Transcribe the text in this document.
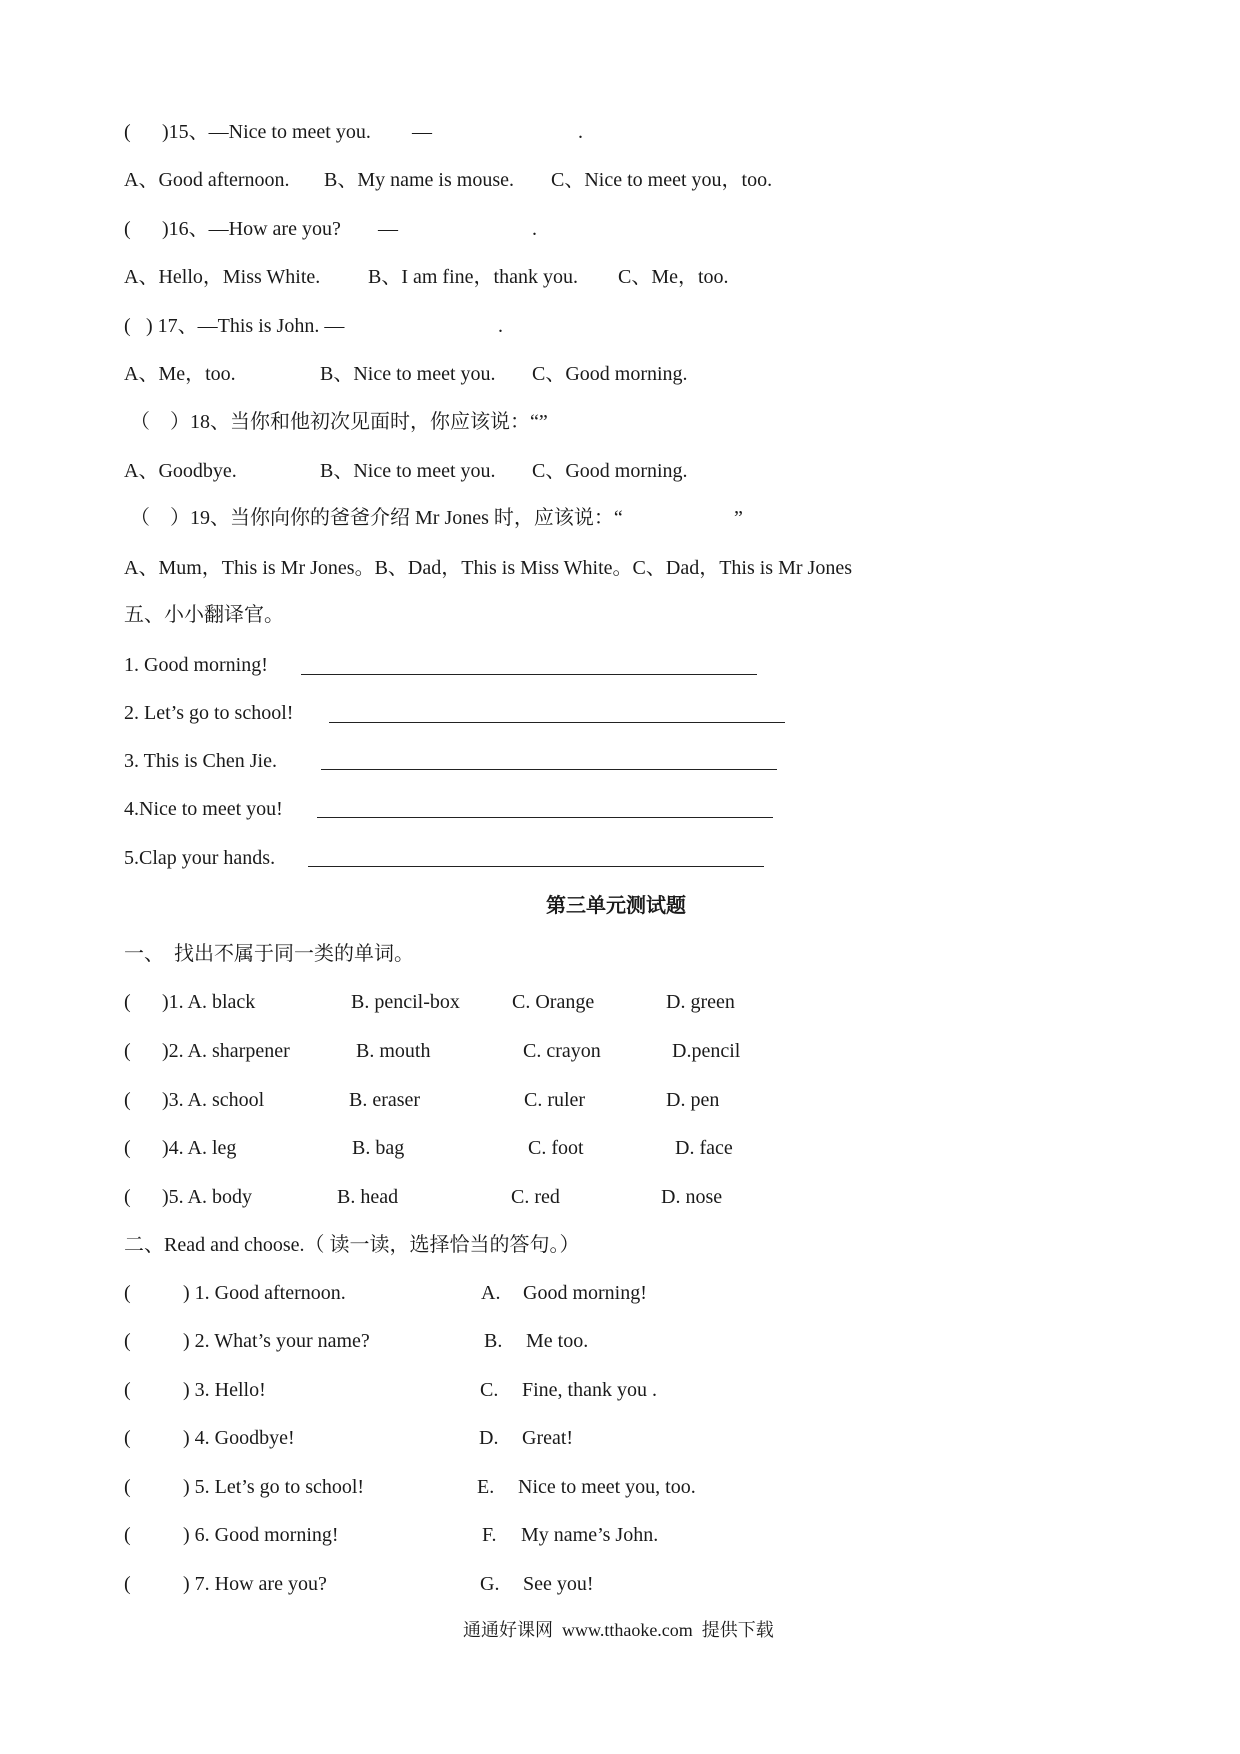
( )15、—Nice to meet you. —	.
A、Good afternoon. B、My name is mouse. C、Nice to meet you，too.
( )16、—How are you? —	.
A、Hello，Miss White. B、I am fine，thank you. C、Me，too.
( ) 17、—This is John. —	.
A、Me，too.	B、Nice to meet you. C、Good morning.
（　）18、当你和他初次见面时，你应该说：“”
A、Goodbye.	B、Nice to meet you. C、Good morning.
（　）19、当你向你的爸爸介绍 Mr Jones 时，应该说：“	”
A、Mum，This is Mr Jones。B、Dad，This is Miss White。C、Dad，This is Mr Jones
五、小小翻译官。
1. Good morning!
2. Let’s go to school!
3. This is Chen Jie.
4.Nice to meet you!
5.Clap your hands.
第三单元测试题
一、　找出不属于同一类的单词。
( )1. A. black	B. pencil-box	C. Orange	D. green
( )2. A. sharpener	B. mouth	C. crayon	D.pencil
( )3. A. school	B. eraser	C. ruler	D. pen
( )4. A. leg	B. bag	C. foot	D. face
( )5. A. body	B. head	C. red	D. nose
二、Read and choose.（ 读一读，选择恰当的答句。）
(	) 1. Good afternoon.	A. Good morning!
(	) 2. What’s your name?	B. Me too.
(	) 3. Hello!	C. Fine, thank you .
(	) 4. Goodbye!	D. Great!
(	) 5. Let’s go to school!	E. Nice to meet you, too.
(	) 6. Good morning!	F. My name’s John.
(	) 7. How are you?	G. See you!
通通好课网  www.tthaoke.com  提供下载
